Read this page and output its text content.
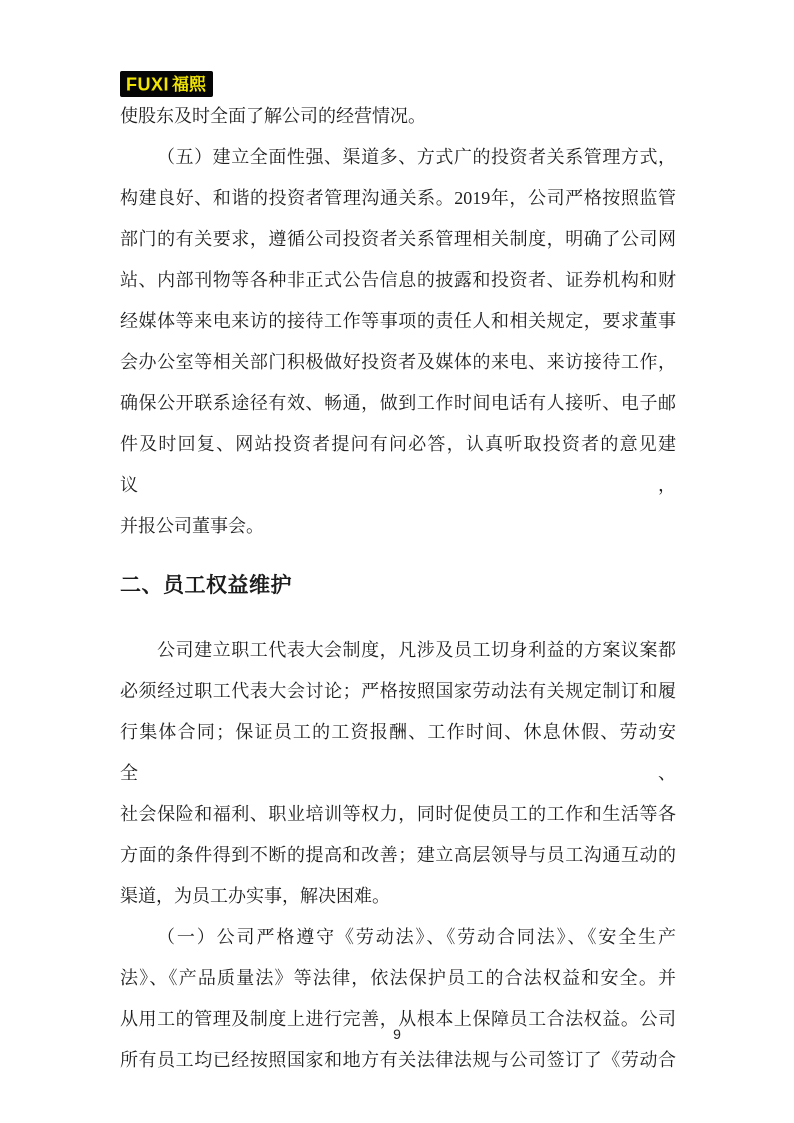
FUXI 福熙
使股东及时全面了解公司的经营情况。
（五）建立全面性强、渠道多、方式广的投资者关系管理方式，
构建良好、和谐的投资者管理沟通关系。2019年，公司严格按照监管
部门的有关要求，遵循公司投资者关系管理相关制度，明确了公司网
站、内部刊物等各种非正式公告信息的披露和投资者、证券机构和财
经媒体等来电来访的接待工作等事项的责任人和相关规定，要求董事
会办公室等相关部门积极做好投资者及媒体的来电、来访接待工作，
确保公开联系途径有效、畅通，做到工作时间电话有人接听、电子邮
件及时回复、网站投资者提问有问必答，认真听取投资者的意见建议，
并报公司董事会。
二、员工权益维护
公司建立职工代表大会制度，凡涉及员工切身利益的方案议案都
必须经过职工代表大会讨论；严格按照国家劳动法有关规定制订和履
行集体合同；保证员工的工资报酬、工作时间、休息休假、劳动安全、
社会保险和福利、职业培训等权力，同时促使员工的工作和生活等各
方面的条件得到不断的提高和改善；建立高层领导与员工沟通互动的
渠道，为员工办实事，解决困难。
（一）公司严格遵守《劳动法》、《劳动合同法》、《安全生产
法》、《产品质量法》等法律，依法保护员工的合法权益和安全。并
从用工的管理及制度上进行完善，从根本上保障员工合法权益。公司
所有员工均已经按照国家和地方有关法律法规与公司签订了《劳动合
9
